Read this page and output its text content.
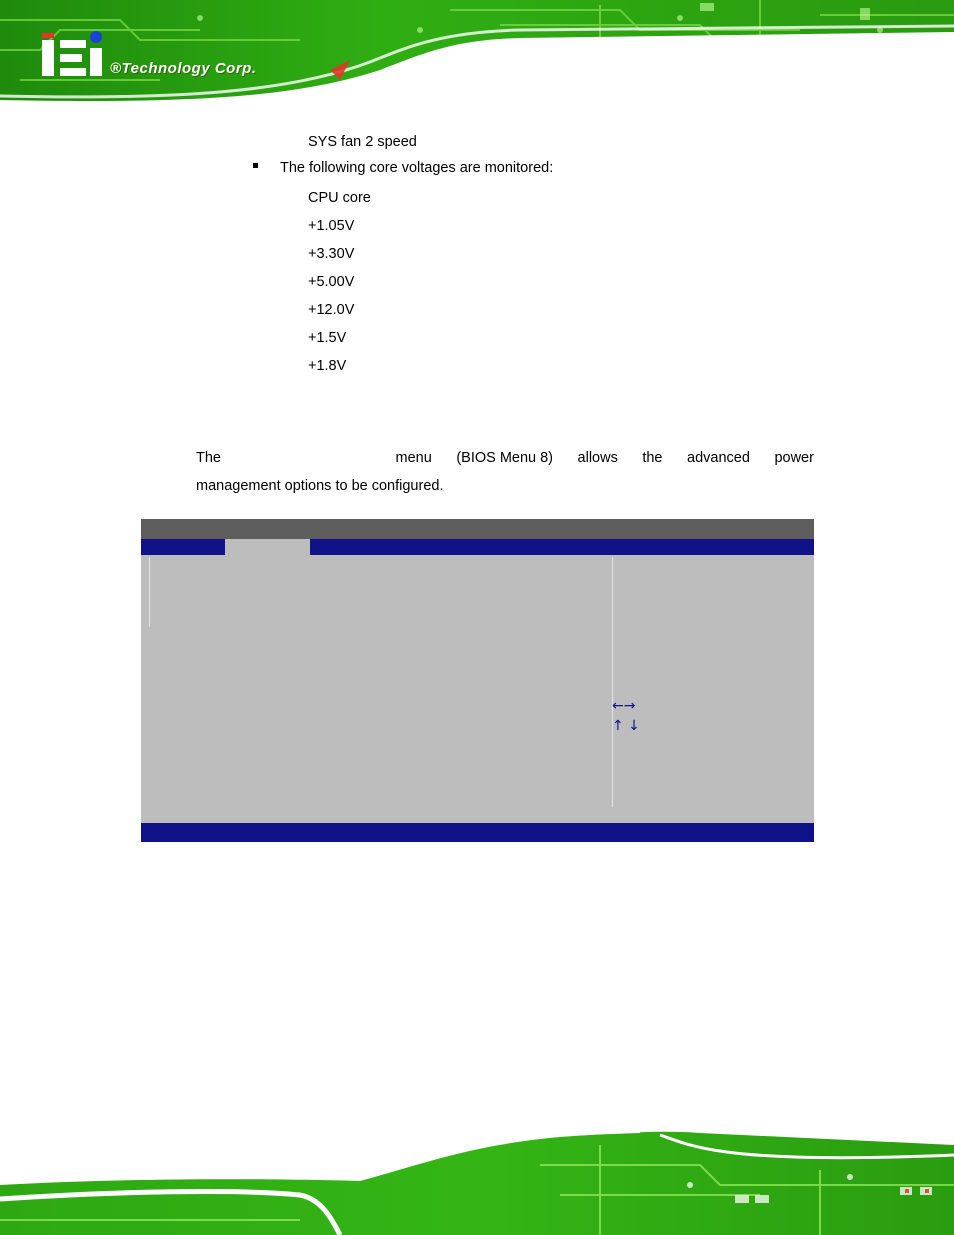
®Technology Corp.
SYS fan 2 speed
The following core voltages are monitored:
CPU core
+1.05V
+3.30V
+5.00V
+12.0V
+1.5V
+1.8V
The	menu (BIOS Menu 8) allows the advanced power
management options to be configured.
←→
↑ ↓
